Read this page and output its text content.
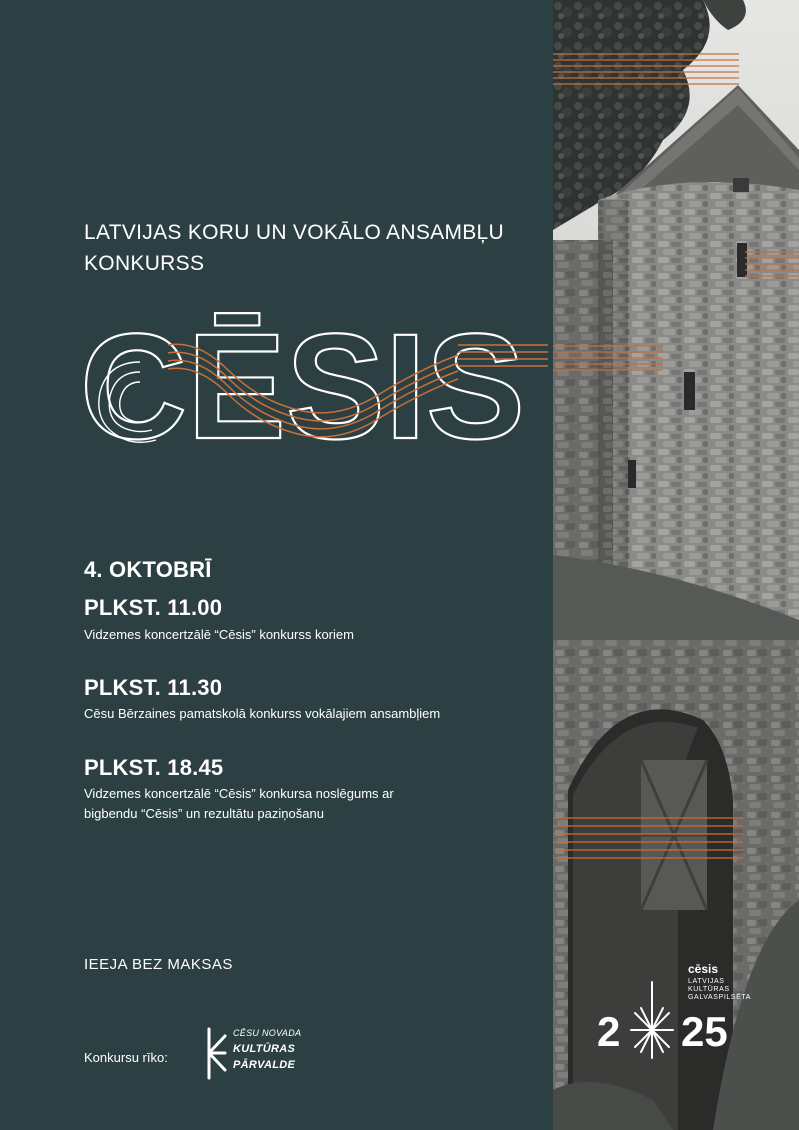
LATVIJAS KORU UN VOKĀLO ANSAMBĻU
KONKURSS
CĒSIS
4. OKTOBRĪ
PLKST. 11.00
Vidzemes koncertzālē “Cēsis” konkurss koriem
PLKST. 11.30
Cēsu Bērzaines pamatskolā konkurss vokālajiem ansambļiem
PLKST. 18.45
Vidzemes koncertzālē “Cēsis” konkursa noslēgums ar
bigbendu “Cēsis” un rezultātu paziņošanu
IEEJA BEZ MAKSAS
Konkursu rīko:
CĒSU NOVADA
KULTŪRAS
PĀRVALDE
cēsis
LATVIJAS
KULTŪRAS
GALVASPILSĒTA
2 25
